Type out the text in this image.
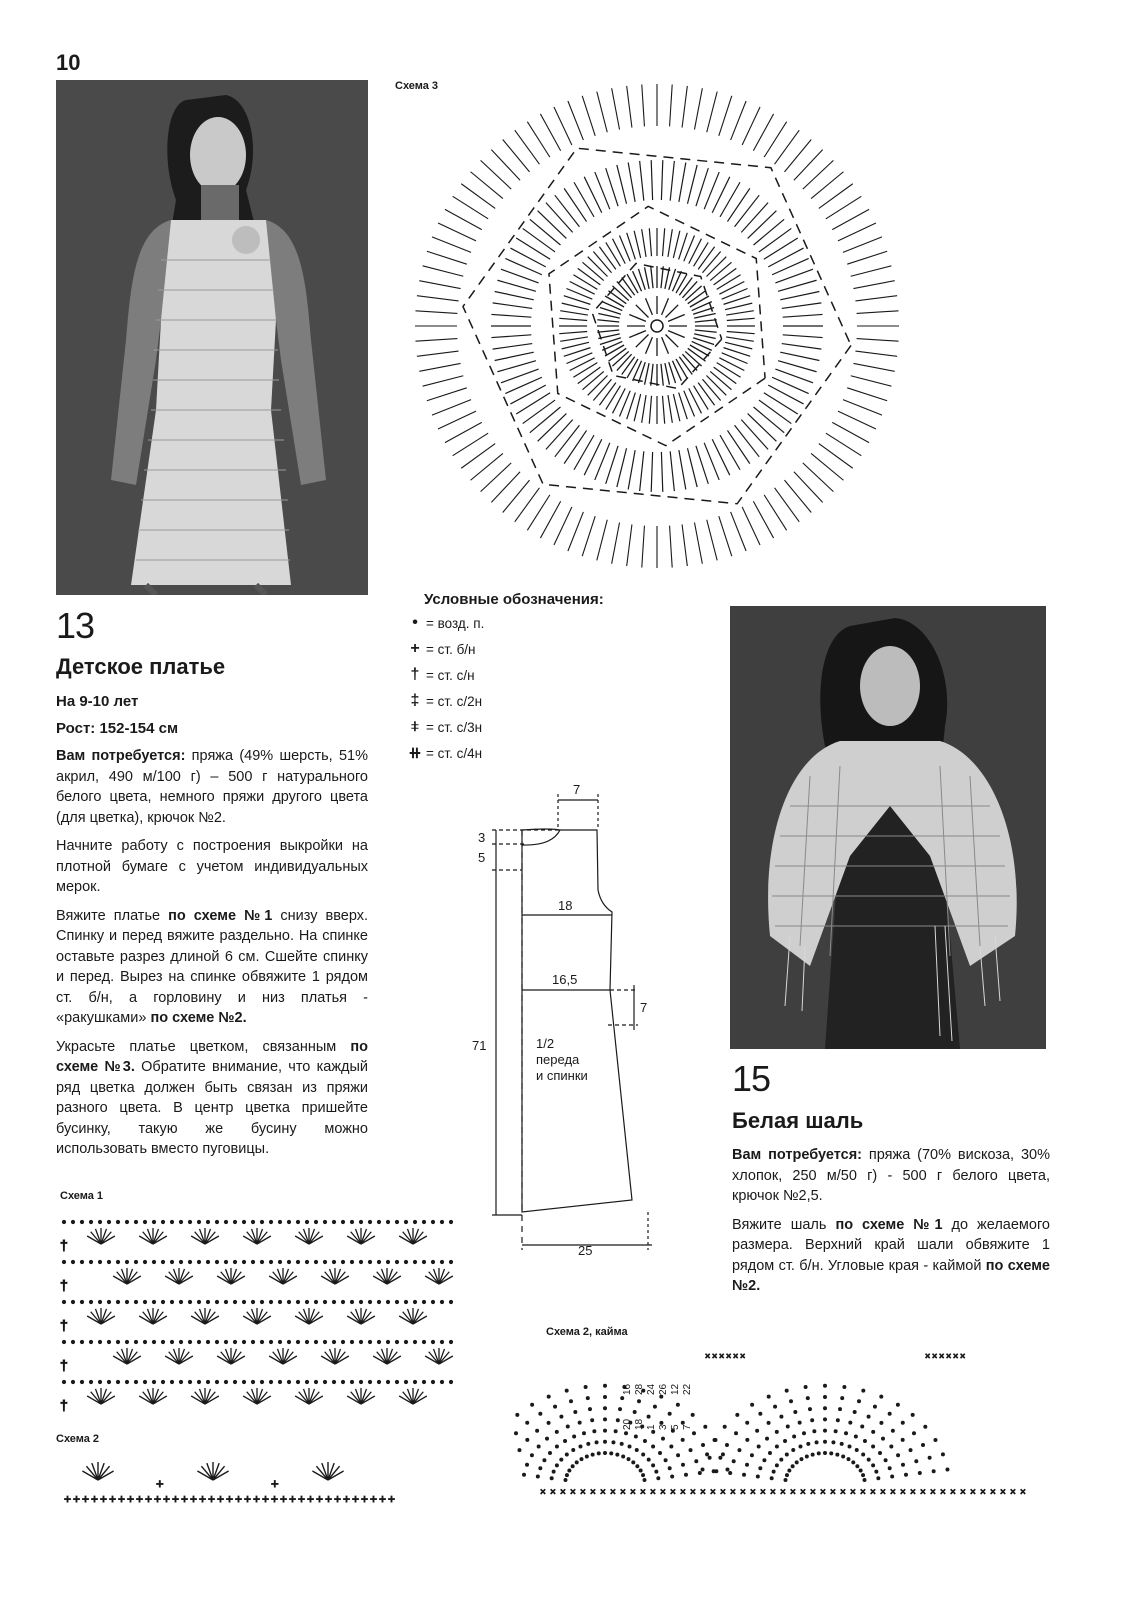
10
13
Детское платье
На 9-10 лет
Рост: 152-154 см

Вам потребуется: пряжа (49% шерсть, 51% акрил, 490 м/100 г) – 500 г натурального белого цвета, немного пряжи другого цвета (для цветка), крючок №2.

Начните работу с построения выкройки на плотной бумаге с учетом индивидуальных мерок.

Вяжите платье по схеме №1 снизу вверх. Спинку и перед вяжите раздельно. На спинке оставьте разрез длиной 6 см. Сшейте спинку и перед. Вырез на спинке обвяжите 1 рядом ст. б/н, а горловину и низ платья - «ракушками» по схеме №2.

Украсьте платье цветком, связанным по схеме №3. Обратите внимание, что каждый ряд цветка должен быть связан из пряжи разного цвета. В центр цветка пришейте бусинку, такую же бусину можно использовать вместо пуговицы.

Схема 1
†
†
†
†
†
Схема 2
+	+
+ + + + + + + + + + + + + + + + + + + + + + + + + + + + + + + + + + + + +
Схема 3
Условные обозначения:
• = возд. п.
+ = ст. б/н
† = ст. с/н
‡ = ст. с/2н
⧧ = ст. с/3н
⧺ = ст. с/4н
7
3
5
18
16,5
7
71	1/2
переда
и спинки
25
15
Белая шаль

Вам потребуется: пряжа (70% вискоза, 30% хлопок, 250 м/50 г) - 500 г белого цвета, крючок №2,5.

Вяжите шаль по схеме №1 до желаемого размера. Верхний край шали обвяжите 1 рядом ст. б/н. Угловые края - каймой по схеме №2.

Схема 2, кайма
× × × × × × × × × × × × × × × × × × × × × × × × × × × × × × × × × × × × × × × × × × × × × × × × ×
× × × × × ×	× × × × × ×
16 28 24 26 12 22
20 18 1 3 5 7
